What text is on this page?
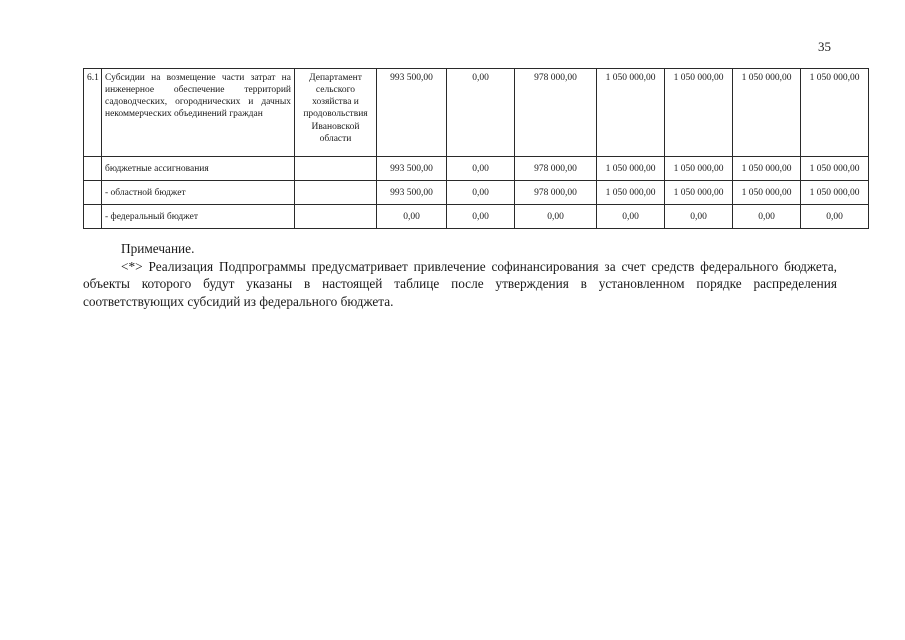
35
6.1	Субсидии на возмещение части затрат на инженерное обеспечение территорий садоводческих, огороднических и дачных некоммерческих объединений граждан	Департамент сельского хозяйства и продовольствия Ивановской области	993 500,00	0,00	978 000,00	1 050 000,00	1 050 000,00	1 050 000,00	1 050 000,00
	бюджетные ассигнования		993 500,00	0,00	978 000,00	1 050 000,00	1 050 000,00	1 050 000,00	1 050 000,00
	- областной бюджет		993 500,00	0,00	978 000,00	1 050 000,00	1 050 000,00	1 050 000,00	1 050 000,00
	- федеральный бюджет		0,00	0,00	0,00	0,00	0,00	0,00	0,00

Примечание.

<*> Реализация Подпрограммы предусматривает привлечение софинансирования за счет средств федерального бюджета, объекты которого будут указаны в настоящей таблице после утверждения в установленном порядке распределения соответствующих субсидий из федерального бюджета.
